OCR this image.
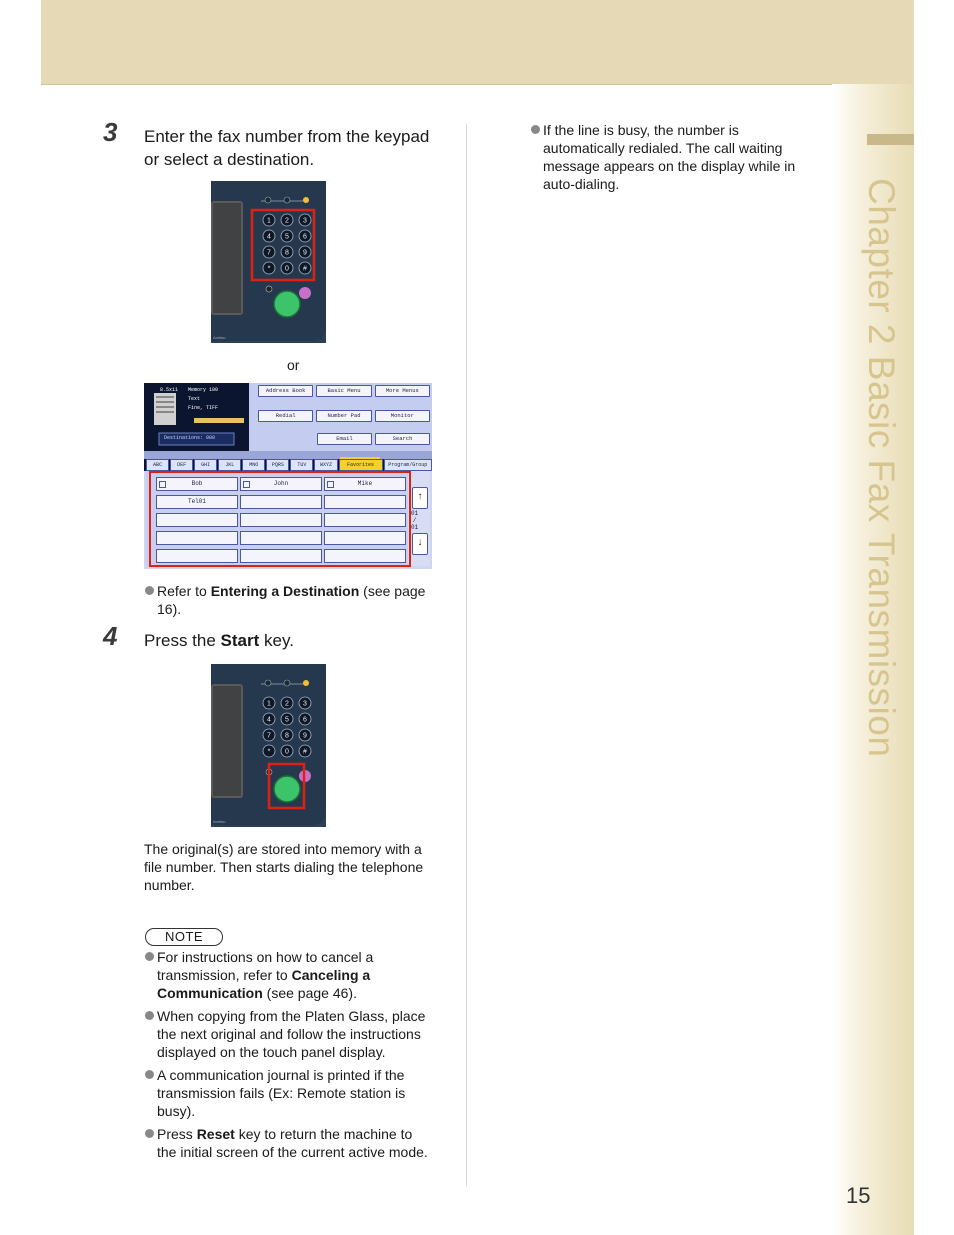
Chapter 2 Basic Fax Transmission
3 Enter the fax number from the keypad
or select a destination.
1 2 3
4 5 6
7 8 9
* 0 #
Anritsu
or
8.5x11 Memory 100
Text
Fine, TIFF
Destinations: 000
Address Book	Basic Menu	More Menus
Redial	Number Pad	Monitor
Email	Search
ABC	DEF	GHI	JKL	MNO	PQRS	TUV	WXYZ	Favorites	Program/Group
Bob	John	Mike
Tel01	↑
01
/
01
↓
Refer to Entering a Destination (see page
16).
4 Press the Start key.
1 2 3
4 5 6
7 8 9
* 0 #
Anritsu
The original(s) are stored into memory with a
file number. Then starts dialing the telephone
number.
NOTE
For instructions on how to cancel a
transmission, refer to Canceling a
Communication (see page 46).
When copying from the Platen Glass, place
the next original and follow the instructions
displayed on the touch panel display.
A communication journal is printed if the
transmission fails (Ex: Remote station is
busy).
Press Reset key to return the machine to
the initial screen of the current active mode.
If the line is busy, the number is
automatically redialed. The call waiting
message appears on the display while in
auto-dialing.
15
